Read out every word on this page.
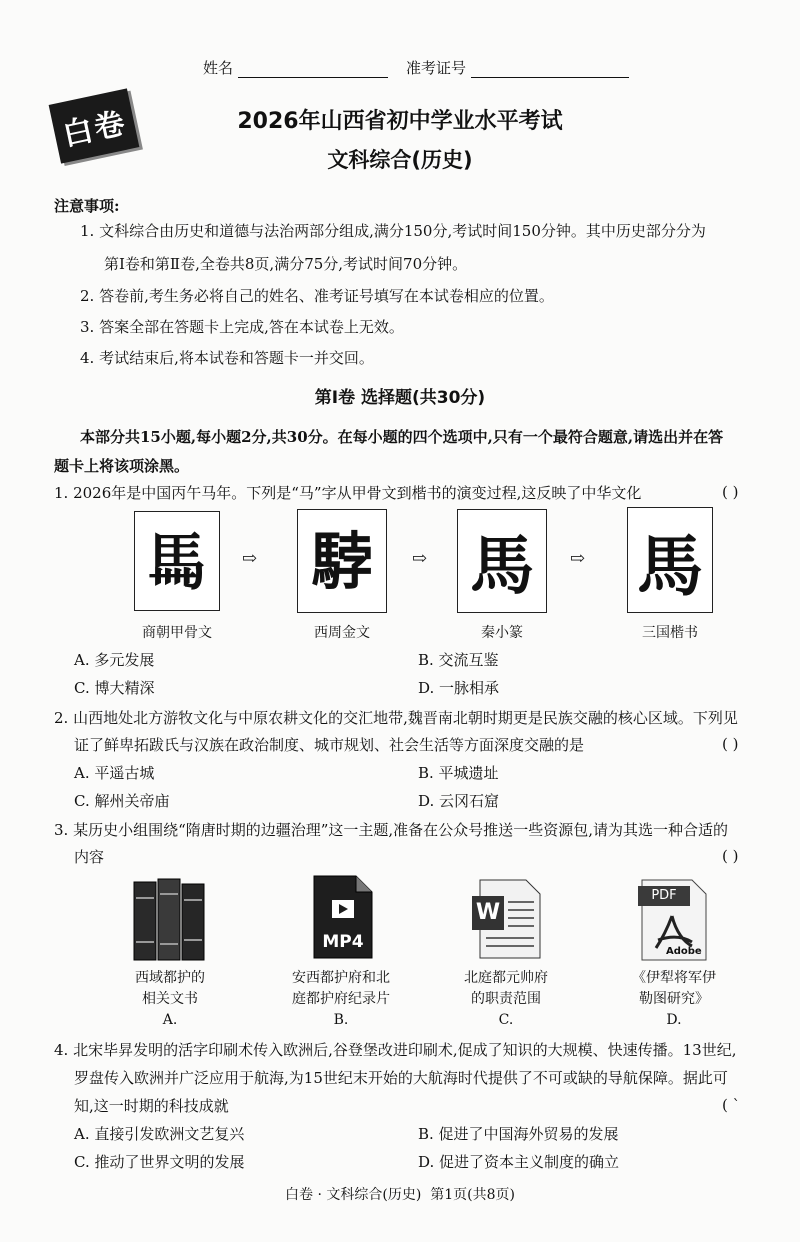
姓名	准考证号
白卷	2026年山西省初中学业水平考试
文科综合(历史)
注意事项:
1. 文科综合由历史和道德与法治两部分组成,满分150分,考试时间150分钟。其中历史部分分为
第Ⅰ卷和第Ⅱ卷,全卷共8页,满分75分,考试时间70分钟。
2. 答卷前,考生务必将自己的姓名、准考证号填写在本试卷相应的位置。
3. 答案全部在答题卡上完成,答在本试卷上无效。
4. 考试结束后,将本试卷和答题卡一并交回。
第Ⅰ卷 选择题(共30分)
本部分共15小题,每小题2分,共30分。在每小题的四个选项中,只有一个最符合题意,请选出并在答
题卡上将该项涂黑。
1. 2026年是中国丙午马年。下列是“马”字从甲骨文到楷书的演变过程,这反映了中华文化	( )
𩡧 ⇨ 𩣡 ⇨ 馬 ⇨ 馬
商朝甲骨文	西周金文	秦小篆	三国楷书
A. 多元发展	B. 交流互鉴
C. 博大精深	D. 一脉相承
2. 山西地处北方游牧文化与中原农耕文化的交汇地带,魏晋南北朝时期更是民族交融的核心区域。下列见
证了鲜卑拓跋氏与汉族在政治制度、城市规划、社会生活等方面深度交融的是	( )
A. 平遥古城	B. 平城遗址
C. 解州关帝庙	D. 云冈石窟
3. 某历史小组围绕“隋唐时期的边疆治理”这一主题,准备在公众号推送一些资源包,请为其选一种合适的
内容	( )
MP4
W
PDF
Adobe
西域都护的
相关文书
A.
安西都护府和北
庭都护府纪录片
B.
北庭都元帅府
的职责范围
C.
《伊犁将军伊
勒图研究》
D.
4. 北宋毕昇发明的活字印刷术传入欧洲后,谷登堡改进印刷术,促成了知识的大规模、快速传播。13世纪,
罗盘传入欧洲并广泛应用于航海,为15世纪末开始的大航海时代提供了不可或缺的导航保障。据此可
知,这一时期的科技成就	( `
A. 直接引发欧洲文艺复兴	B. 促进了中国海外贸易的发展
C. 推动了世界文明的发展	D. 促进了资本主义制度的确立
白卷 · 文科综合(历史)  第1页(共8页)
